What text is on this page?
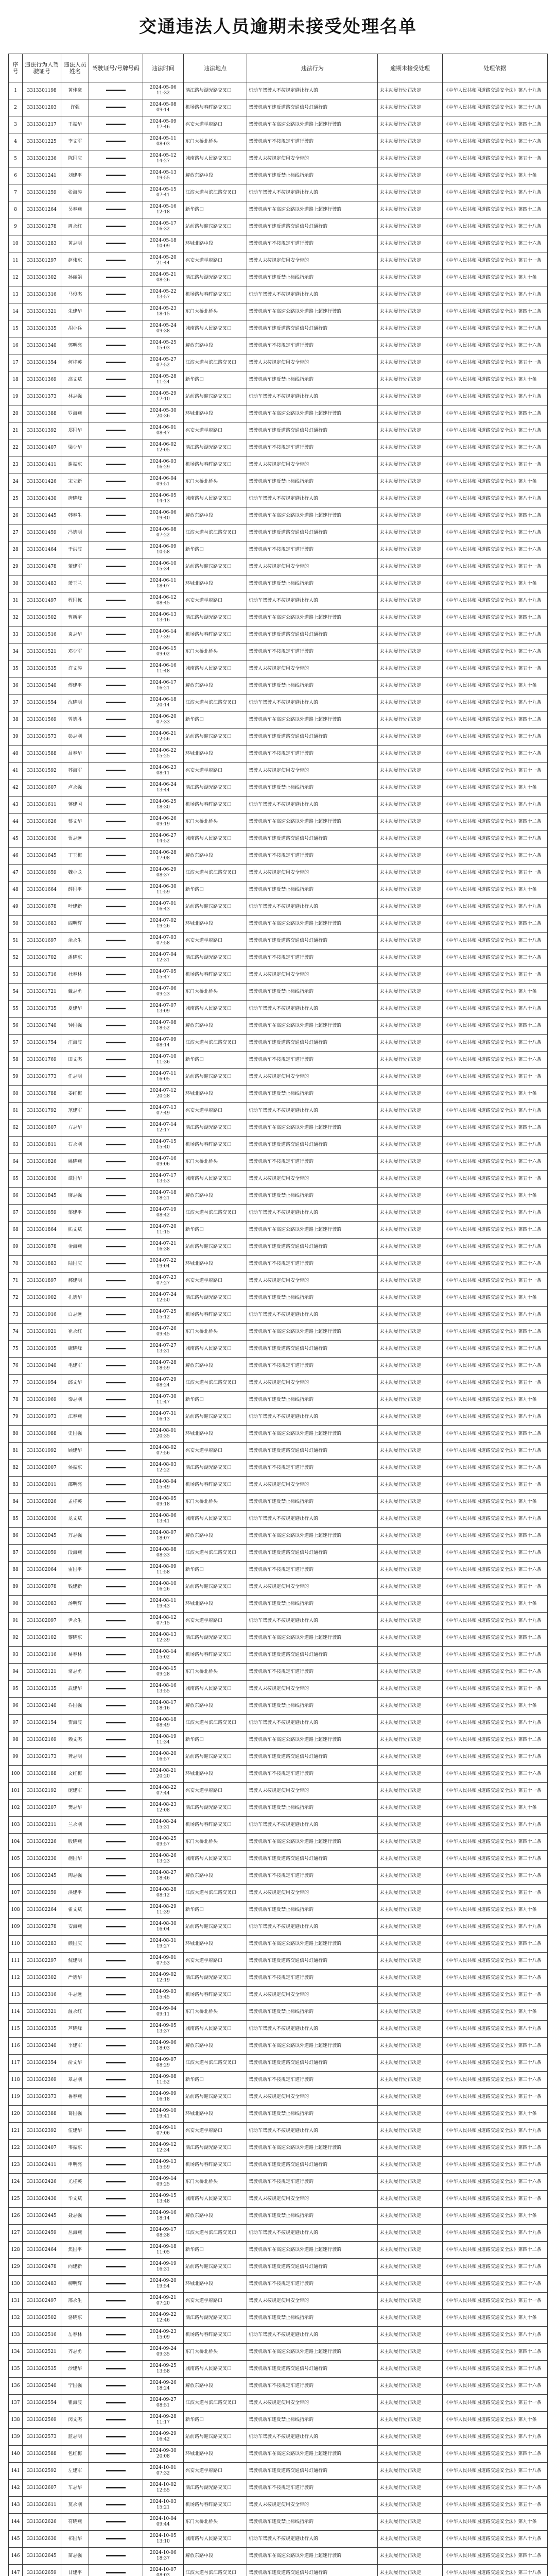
交通违法人员逾期未接受处理名单
序号	违法行为人驾驶证号	违法人员姓名	驾驶证号/号牌号码	违法时间	违法地点	违法行为	逾期未接受处理	处理依据
1	3313301198	黄佳豪		2024-05-06 11:32	漓江路与湖光路交叉口	机动车驾驶人不按规定避让行人的	未主动履行处罚决定	《中华人民共和国道路交通安全法》第八十九条
2	3313301203	许强		2024-05-08 09:14	机场路与春晖路交叉口	驾驶机动车违反道路交通信号灯通行的	未主动履行处罚决定	《中华人民共和国道路交通安全法》第三十八条
3	3313301217	王振华		2024-05-09 17:46	兴安大道学府路口	驾驶机动车在高速公路以外道路上超速行驶的	未主动履行处罚决定	《中华人民共和国道路交通安全法》第四十二条
4	3313301225	李文军		2024-05-11 08:03	东门大桥北桥头	驾驶机动车不按规定车道行驶的	未主动履行处罚决定	《中华人民共和国道路交通安全法》第三十六条
5	3313301236	陈国庆		2024-05-12 14:27	城南路与人民路交叉口	驾驶人未按规定使用安全带的	未主动履行处罚决定	《中华人民共和国道路交通安全法》第五十一条
6	3313301241	刘建平		2024-05-13 19:55	解放东路中段	驾驶机动车违反禁止标线指示的	未主动履行处罚决定	《中华人民共和国道路交通安全法》第九十条
7	3313301259	张海涛		2024-05-15 07:41	江滨大道与滨江路交叉口	机动车驾驶人不按规定避让行人的	未主动履行处罚决定	《中华人民共和国道路交通安全法》第八十九条
8	3313301264	吴春燕		2024-05-16 12:18	新华路口	驾驶机动车在高速公路以外道路上超速行驶的	未主动履行处罚决定	《中华人民共和国道路交通安全法》第四十二条
9	3313301278	周永红		2024-05-17 16:32	站前路与迎宾路交叉口	驾驶机动车违反道路交通信号灯通行的	未主动履行处罚决定	《中华人民共和国道路交通安全法》第三十八条
10	3313301283	黄志明		2024-05-18 10:09	环城北路中段	驾驶机动车不按规定车道行驶的	未主动履行处罚决定	《中华人民共和国道路交通安全法》第三十六条
11	3313301297	赵伟东		2024-05-20 21:44	兴安大道学府路口	驾驶人未按规定使用安全带的	未主动履行处罚决定	《中华人民共和国道路交通安全法》第五十一条
12	3313301302	孙丽娟		2024-05-21 08:26	漓江路与湖光路交叉口	驾驶机动车违反禁止标线指示的	未主动履行处罚决定	《中华人民共和国道路交通安全法》第九十条
13	3313301316	马俊杰		2024-05-22 13:57	机场路与春晖路交叉口	机动车驾驶人不按规定避让行人的	未主动履行处罚决定	《中华人民共和国道路交通安全法》第八十九条
14	3313301321	朱建华		2024-05-23 18:15	东门大桥北桥头	驾驶机动车在高速公路以外道路上超速行驶的	未主动履行处罚决定	《中华人民共和国道路交通安全法》第四十二条
15	3313301335	胡小兵		2024-05-24 09:38	城南路与人民路交叉口	驾驶机动车违反道路交通信号灯通行的	未主动履行处罚决定	《中华人民共和国道路交通安全法》第三十八条
16	3313301340	郭明亮		2024-05-25 15:03	解放东路中段	驾驶机动车不按规定车道行驶的	未主动履行处罚决定	《中华人民共和国道路交通安全法》第三十六条
17	3313301354	何桂英		2024-05-27 07:52	江滨大道与滨江路交叉口	驾驶人未按规定使用安全带的	未主动履行处罚决定	《中华人民共和国道路交通安全法》第五十一条
18	3313301369	高文斌		2024-05-28 11:24	新华路口	驾驶机动车违反禁止标线指示的	未主动履行处罚决定	《中华人民共和国道路交通安全法》第九十条
19	3313301373	林志强		2024-05-29 17:10	站前路与迎宾路交叉口	机动车驾驶人不按规定避让行人的	未主动履行处罚决定	《中华人民共和国道路交通安全法》第八十九条
20	3313301388	罗海燕		2024-05-30 20:36	环城北路中段	驾驶机动车在高速公路以外道路上超速行驶的	未主动履行处罚决定	《中华人民共和国道路交通安全法》第四十二条
21	3313301392	郑国华		2024-06-01 08:47	兴安大道学府路口	驾驶机动车违反道路交通信号灯通行的	未主动履行处罚决定	《中华人民共和国道路交通安全法》第三十八条
22	3313301407	梁少华		2024-06-02 12:05	漓江路与湖光路交叉口	驾驶机动车不按规定车道行驶的	未主动履行处罚决定	《中华人民共和国道路交通安全法》第三十六条
23	3313301411	谢振东		2024-06-03 16:29	机场路与春晖路交叉口	驾驶人未按规定使用安全带的	未主动履行处罚决定	《中华人民共和国道路交通安全法》第五十一条
24	3313301426	宋立新		2024-06-04 09:51	东门大桥北桥头	驾驶机动车违反禁止标线指示的	未主动履行处罚决定	《中华人民共和国道路交通安全法》第九十条
25	3313301430	唐晓峰		2024-06-05 14:13	城南路与人民路交叉口	机动车驾驶人不按规定避让行人的	未主动履行处罚决定	《中华人民共和国道路交通安全法》第八十九条
26	3313301445	韩春生		2024-06-06 19:40	解放东路中段	驾驶机动车在高速公路以外道路上超速行驶的	未主动履行处罚决定	《中华人民共和国道路交通安全法》第四十二条
27	3313301459	冯德明		2024-06-08 07:22	江滨大道与滨江路交叉口	驾驶机动车违反道路交通信号灯通行的	未主动履行处罚决定	《中华人民共和国道路交通安全法》第三十八条
28	3313301464	于洪波		2024-06-09 10:58	新华路口	驾驶机动车不按规定车道行驶的	未主动履行处罚决定	《中华人民共和国道路交通安全法》第三十六条
29	3313301478	董建军		2024-06-10 15:34	站前路与迎宾路交叉口	驾驶人未按规定使用安全带的	未主动履行处罚决定	《中华人民共和国道路交通安全法》第五十一条
30	3313301483	萧玉兰		2024-06-11 18:07	环城北路中段	驾驶机动车违反禁止标线指示的	未主动履行处罚决定	《中华人民共和国道路交通安全法》第九十条
31	3313301497	程国栋		2024-06-12 08:45	兴安大道学府路口	机动车驾驶人不按规定避让行人的	未主动履行处罚决定	《中华人民共和国道路交通安全法》第八十九条
32	3313301502	曹新宇		2024-06-13 13:16	漓江路与湖光路交叉口	驾驶机动车在高速公路以外道路上超速行驶的	未主动履行处罚决定	《中华人民共和国道路交通安全法》第四十二条
33	3313301516	袁志华		2024-06-14 17:39	机场路与春晖路交叉口	驾驶机动车违反道路交通信号灯通行的	未主动履行处罚决定	《中华人民共和国道路交通安全法》第三十八条
34	3313301521	邓少军		2024-06-15 09:02	东门大桥北桥头	驾驶机动车不按规定车道行驶的	未主动履行处罚决定	《中华人民共和国道路交通安全法》第三十六条
35	3313301535	许文涛		2024-06-16 11:48	城南路与人民路交叉口	驾驶人未按规定使用安全带的	未主动履行处罚决定	《中华人民共和国道路交通安全法》第五十一条
36	3313301540	傅建平		2024-06-17 16:21	解放东路中段	驾驶机动车违反禁止标线指示的	未主动履行处罚决定	《中华人民共和国道路交通安全法》第九十条
37	3313301554	沈晓明		2024-06-18 20:14	江滨大道与滨江路交叉口	机动车驾驶人不按规定避让行人的	未主动履行处罚决定	《中华人民共和国道路交通安全法》第八十九条
38	3313301569	曾德胜		2024-06-20 07:33	新华路口	驾驶机动车在高速公路以外道路上超速行驶的	未主动履行处罚决定	《中华人民共和国道路交通安全法》第四十二条
39	3313301573	彭志刚		2024-06-21 12:56	站前路与迎宾路交叉口	驾驶机动车违反道路交通信号灯通行的	未主动履行处罚决定	《中华人民共和国道路交通安全法》第三十八条
40	3313301588	吕春华		2024-06-22 15:25	环城北路中段	驾驶机动车不按规定车道行驶的	未主动履行处罚决定	《中华人民共和国道路交通安全法》第三十六条
41	3313301592	苏海军		2024-06-23 08:11	兴安大道学府路口	驾驶人未按规定使用安全带的	未主动履行处罚决定	《中华人民共和国道路交通安全法》第五十一条
42	3313301607	卢永强		2024-06-24 13:44	漓江路与湖光路交叉口	驾驶机动车违反禁止标线指示的	未主动履行处罚决定	《中华人民共和国道路交通安全法》第九十条
43	3313301611	蒋建国		2024-06-25 18:30	机场路与春晖路交叉口	机动车驾驶人不按规定避让行人的	未主动履行处罚决定	《中华人民共和国道路交通安全法》第八十九条
44	3313301626	蔡文华		2024-06-26 09:19	东门大桥北桥头	驾驶机动车在高速公路以外道路上超速行驶的	未主动履行处罚决定	《中华人民共和国道路交通安全法》第四十二条
45	3313301630	贾志远		2024-06-27 14:52	城南路与人民路交叉口	驾驶机动车违反道路交通信号灯通行的	未主动履行处罚决定	《中华人民共和国道路交通安全法》第三十八条
46	3313301645	丁玉梅		2024-06-28 17:08	解放东路中段	驾驶机动车不按规定车道行驶的	未主动履行处罚决定	《中华人民共和国道路交通安全法》第三十六条
47	3313301659	魏小龙		2024-06-29 08:37	江滨大道与滨江路交叉口	驾驶人未按规定使用安全带的	未主动履行处罚决定	《中华人民共和国道路交通安全法》第五十一条
48	3313301664	薛国平		2024-06-30 11:59	新华路口	驾驶机动车违反禁止标线指示的	未主动履行处罚决定	《中华人民共和国道路交通安全法》第九十条
49	3313301678	叶建新		2024-07-01 16:43	站前路与迎宾路交叉口	机动车驾驶人不按规定避让行人的	未主动履行处罚决定	《中华人民共和国道路交通安全法》第八十九条
50	3313301683	阎明辉		2024-07-02 19:26	环城北路中段	驾驶机动车在高速公路以外道路上超速行驶的	未主动履行处罚决定	《中华人民共和国道路交通安全法》第四十二条
51	3313301697	余永生		2024-07-03 07:58	兴安大道学府路口	驾驶机动车违反道路交通信号灯通行的	未主动履行处罚决定	《中华人民共和国道路交通安全法》第三十八条
52	3313301702	潘晓东		2024-07-04 12:31	漓江路与湖光路交叉口	驾驶机动车不按规定车道行驶的	未主动履行处罚决定	《中华人民共和国道路交通安全法》第三十六条
53	3313301716	杜春林		2024-07-05 15:47	机场路与春晖路交叉口	驾驶人未按规定使用安全带的	未主动履行处罚决定	《中华人民共和国道路交通安全法》第五十一条
54	3313301721	戴志勇		2024-07-06 09:23	东门大桥北桥头	驾驶机动车违反禁止标线指示的	未主动履行处罚决定	《中华人民共和国道路交通安全法》第九十条
55	3313301735	夏建华		2024-07-07 13:09	城南路与人民路交叉口	机动车驾驶人不按规定避让行人的	未主动履行处罚决定	《中华人民共和国道路交通安全法》第八十九条
56	3313301740	钟国强		2024-07-08 18:52	解放东路中段	驾驶机动车在高速公路以外道路上超速行驶的	未主动履行处罚决定	《中华人民共和国道路交通安全法》第四十二条
57	3313301754	汪海波		2024-07-09 08:14	江滨大道与滨江路交叉口	驾驶机动车违反道路交通信号灯通行的	未主动履行处罚决定	《中华人民共和国道路交通安全法》第三十八条
58	3313301769	田文杰		2024-07-10 11:36	新华路口	驾驶机动车不按规定车道行驶的	未主动履行处罚决定	《中华人民共和国道路交通安全法》第三十六条
59	3313301773	任志明		2024-07-11 16:05	站前路与迎宾路交叉口	驾驶人未按规定使用安全带的	未主动履行处罚决定	《中华人民共和国道路交通安全法》第五十一条
60	3313301788	姜红梅		2024-07-12 20:28	环城北路中段	驾驶机动车违反禁止标线指示的	未主动履行处罚决定	《中华人民共和国道路交通安全法》第九十条
61	3313301792	范建军		2024-07-13 07:49	兴安大道学府路口	机动车驾驶人不按规定避让行人的	未主动履行处罚决定	《中华人民共和国道路交通安全法》第八十九条
62	3313301807	方志华		2024-07-14 12:17	漓江路与湖光路交叉口	驾驶机动车在高速公路以外道路上超速行驶的	未主动履行处罚决定	《中华人民共和国道路交通安全法》第四十二条
63	3313301811	石永刚		2024-07-15 15:40	机场路与春晖路交叉口	驾驶机动车违反道路交通信号灯通行的	未主动履行处罚决定	《中华人民共和国道路交通安全法》第三十八条
64	3313301826	姚晓燕		2024-07-16 09:06	东门大桥北桥头	驾驶机动车不按规定车道行驶的	未主动履行处罚决定	《中华人民共和国道路交通安全法》第三十六条
65	3313301830	谭国华		2024-07-17 13:53	城南路与人民路交叉口	驾驶人未按规定使用安全带的	未主动履行处罚决定	《中华人民共和国道路交通安全法》第五十一条
66	3313301845	廖志强		2024-07-18 18:21	解放东路中段	驾驶机动车违反禁止标线指示的	未主动履行处罚决定	《中华人民共和国道路交通安全法》第九十条
67	3313301859	邹建平		2024-07-19 08:42	江滨大道与滨江路交叉口	机动车驾驶人不按规定避让行人的	未主动履行处罚决定	《中华人民共和国道路交通安全法》第八十九条
68	3313301864	熊文斌		2024-07-20 11:15	新华路口	驾驶机动车在高速公路以外道路上超速行驶的	未主动履行处罚决定	《中华人民共和国道路交通安全法》第四十二条
69	3313301878	金海燕		2024-07-21 16:38	站前路与迎宾路交叉口	驾驶机动车违反道路交通信号灯通行的	未主动履行处罚决定	《中华人民共和国道路交通安全法》第三十八条
70	3313301883	陆国庆		2024-07-22 19:04	环城北路中段	驾驶机动车不按规定车道行驶的	未主动履行处罚决定	《中华人民共和国道路交通安全法》第三十六条
71	3313301897	郝建明		2024-07-23 07:27	兴安大道学府路口	驾驶人未按规定使用安全带的	未主动履行处罚决定	《中华人民共和国道路交通安全法》第五十一条
72	3313301902	孔德华		2024-07-24 12:50	漓江路与湖光路交叉口	驾驶机动车违反禁止标线指示的	未主动履行处罚决定	《中华人民共和国道路交通安全法》第九十条
73	3313301916	白志远		2024-07-25 15:12	机场路与春晖路交叉口	机动车驾驶人不按规定避让行人的	未主动履行处罚决定	《中华人民共和国道路交通安全法》第八十九条
74	3313301921	崔永红		2024-07-26 09:45	东门大桥北桥头	驾驶机动车在高速公路以外道路上超速行驶的	未主动履行处罚决定	《中华人民共和国道路交通安全法》第四十二条
75	3313301935	康晓峰		2024-07-27 13:31	城南路与人民路交叉口	驾驶机动车违反道路交通信号灯通行的	未主动履行处罚决定	《中华人民共和国道路交通安全法》第三十八条
76	3313301940	毛建军		2024-07-28 18:59	解放东路中段	驾驶机动车不按规定车道行驶的	未主动履行处罚决定	《中华人民共和国道路交通安全法》第三十六条
77	3313301954	邱文华		2024-07-29 08:24	江滨大道与滨江路交叉口	驾驶人未按规定使用安全带的	未主动履行处罚决定	《中华人民共和国道路交通安全法》第五十一条
78	3313301969	秦志刚		2024-07-30 11:47	新华路口	驾驶机动车违反禁止标线指示的	未主动履行处罚决定	《中华人民共和国道路交通安全法》第九十条
79	3313301973	江春燕		2024-07-31 16:13	站前路与迎宾路交叉口	机动车驾驶人不按规定避让行人的	未主动履行处罚决定	《中华人民共和国道路交通安全法》第八十九条
80	3313301988	史国强		2024-08-01 20:35	环城北路中段	驾驶机动车在高速公路以外道路上超速行驶的	未主动履行处罚决定	《中华人民共和国道路交通安全法》第四十二条
81	3313301992	顾建华		2024-08-02 07:56	兴安大道学府路口	驾驶机动车违反道路交通信号灯通行的	未主动履行处罚决定	《中华人民共和国道路交通安全法》第三十八条
82	3313302007	侯振东		2024-08-03 12:22	漓江路与湖光路交叉口	驾驶机动车不按规定车道行驶的	未主动履行处罚决定	《中华人民共和国道路交通安全法》第三十六条
83	3313302011	邵明亮		2024-08-04 15:49	机场路与春晖路交叉口	驾驶人未按规定使用安全带的	未主动履行处罚决定	《中华人民共和国道路交通安全法》第五十一条
84	3313302026	孟桂英		2024-08-05 09:18	东门大桥北桥头	驾驶机动车违反禁止标线指示的	未主动履行处罚决定	《中华人民共和国道路交通安全法》第九十条
85	3313302030	龙文斌		2024-08-06 13:41	城南路与人民路交叉口	机动车驾驶人不按规定避让行人的	未主动履行处罚决定	《中华人民共和国道路交通安全法》第八十九条
86	3313302045	万志强		2024-08-07 18:07	解放东路中段	驾驶机动车在高速公路以外道路上超速行驶的	未主动履行处罚决定	《中华人民共和国道路交通安全法》第四十二条
87	3313302059	段海燕		2024-08-08 08:33	江滨大道与滨江路交叉口	驾驶机动车违反道路交通信号灯通行的	未主动履行处罚决定	《中华人民共和国道路交通安全法》第三十八条
88	3313302064	雷国平		2024-08-09 11:58	新华路口	驾驶机动车不按规定车道行驶的	未主动履行处罚决定	《中华人民共和国道路交通安全法》第三十六条
89	3313302078	钱建新		2024-08-10 16:26	站前路与迎宾路交叉口	驾驶人未按规定使用安全带的	未主动履行处罚决定	《中华人民共和国道路交通安全法》第五十一条
90	3313302083	汤明辉		2024-08-11 19:43	环城北路中段	驾驶机动车违反禁止标线指示的	未主动履行处罚决定	《中华人民共和国道路交通安全法》第九十条
91	3313302097	尹永生		2024-08-12 07:15	兴安大道学府路口	机动车驾驶人不按规定避让行人的	未主动履行处罚决定	《中华人民共和国道路交通安全法》第八十九条
92	3313302102	黎晓东		2024-08-13 12:39	漓江路与湖光路交叉口	驾驶机动车在高速公路以外道路上超速行驶的	未主动履行处罚决定	《中华人民共和国道路交通安全法》第四十二条
93	3313302116	易春林		2024-08-14 15:02	机场路与春晖路交叉口	驾驶机动车违反道路交通信号灯通行的	未主动履行处罚决定	《中华人民共和国道路交通安全法》第三十八条
94	3313302121	常志勇		2024-08-15 09:28	东门大桥北桥头	驾驶机动车不按规定车道行驶的	未主动履行处罚决定	《中华人民共和国道路交通安全法》第三十六条
95	3313302135	武建华		2024-08-16 13:55	城南路与人民路交叉口	驾驶人未按规定使用安全带的	未主动履行处罚决定	《中华人民共和国道路交通安全法》第五十一条
96	3313302140	乔国强		2024-08-17 18:16	解放东路中段	驾驶机动车违反禁止标线指示的	未主动履行处罚决定	《中华人民共和国道路交通安全法》第九十条
97	3313302154	贺海波		2024-08-18 08:49	江滨大道与滨江路交叉口	机动车驾驶人不按规定避让行人的	未主动履行处罚决定	《中华人民共和国道路交通安全法》第八十九条
98	3313302169	赖文杰		2024-08-19 11:34	新华路口	驾驶机动车在高速公路以外道路上超速行驶的	未主动履行处罚决定	《中华人民共和国道路交通安全法》第四十二条
99	3313302173	龚志明		2024-08-20 16:57	站前路与迎宾路交叉口	驾驶机动车违反道路交通信号灯通行的	未主动履行处罚决定	《中华人民共和国道路交通安全法》第三十八条
100	3313302188	文红梅		2024-08-21 20:20	环城北路中段	驾驶机动车不按规定车道行驶的	未主动履行处罚决定	《中华人民共和国道路交通安全法》第三十六条
101	3313302192	庞建军		2024-08-22 07:44	兴安大道学府路口	驾驶人未按规定使用安全带的	未主动履行处罚决定	《中华人民共和国道路交通安全法》第五十一条
102	3313302207	樊志华		2024-08-23 12:08	漓江路与湖光路交叉口	驾驶机动车违反禁止标线指示的	未主动履行处罚决定	《中华人民共和国道路交通安全法》第九十条
103	3313302211	兰永刚		2024-08-24 15:31	机场路与春晖路交叉口	机动车驾驶人不按规定避让行人的	未主动履行处罚决定	《中华人民共和国道路交通安全法》第八十九条
104	3313302226	殷晓燕		2024-08-25 09:57	东门大桥北桥头	驾驶机动车在高速公路以外道路上超速行驶的	未主动履行处罚决定	《中华人民共和国道路交通安全法》第四十二条
105	3313302230	施国华		2024-08-26 13:23	城南路与人民路交叉口	驾驶机动车违反道路交通信号灯通行的	未主动履行处罚决定	《中华人民共和国道路交通安全法》第三十八条
106	3313302245	陶志强		2024-08-27 18:46	解放东路中段	驾驶机动车不按规定车道行驶的	未主动履行处罚决定	《中华人民共和国道路交通安全法》第三十六条
107	3313302259	洪建平		2024-08-28 08:12	江滨大道与滨江路交叉口	驾驶人未按规定使用安全带的	未主动履行处罚决定	《中华人民共和国道路交通安全法》第五十一条
108	3313302264	翟文斌		2024-08-29 11:39	新华路口	驾驶机动车违反禁止标线指示的	未主动履行处罚决定	《中华人民共和国道路交通安全法》第九十条
109	3313302278	安海燕		2024-08-30 16:04	站前路与迎宾路交叉口	机动车驾驶人不按规定避让行人的	未主动履行处罚决定	《中华人民共和国道路交通安全法》第八十九条
110	3313302283	颜国庆		2024-08-31 19:27	环城北路中段	驾驶机动车在高速公路以外道路上超速行驶的	未主动履行处罚决定	《中华人民共和国道路交通安全法》第四十二条
111	3313302297	倪建明		2024-09-01 07:53	兴安大道学府路口	驾驶机动车违反道路交通信号灯通行的	未主动履行处罚决定	《中华人民共和国道路交通安全法》第三十八条
112	3313302302	严德华		2024-09-02 12:19	漓江路与湖光路交叉口	驾驶机动车不按规定车道行驶的	未主动履行处罚决定	《中华人民共和国道路交通安全法》第三十六条
113	3313302316	牛志远		2024-09-03 15:45	机场路与春晖路交叉口	驾驶人未按规定使用安全带的	未主动履行处罚决定	《中华人民共和国道路交通安全法》第五十一条
114	3313302321	温永红		2024-09-04 09:11	东门大桥北桥头	驾驶机动车违反禁止标线指示的	未主动履行处罚决定	《中华人民共和国道路交通安全法》第九十条
115	3313302335	芦晓峰		2024-09-05 13:37	城南路与人民路交叉口	机动车驾驶人不按规定避让行人的	未主动履行处罚决定	《中华人民共和国道路交通安全法》第八十九条
116	3313302340	季建军		2024-09-06 18:03	解放东路中段	驾驶机动车在高速公路以外道路上超速行驶的	未主动履行处罚决定	《中华人民共和国道路交通安全法》第四十二条
117	3313302354	俞文华		2024-09-07 08:29	江滨大道与滨江路交叉口	驾驶机动车违反道路交通信号灯通行的	未主动履行处罚决定	《中华人民共和国道路交通安全法》第三十八条
118	3313302369	章志刚		2024-09-08 11:52	新华路口	驾驶机动车不按规定车道行驶的	未主动履行处罚决定	《中华人民共和国道路交通安全法》第三十六条
119	3313302373	鲁春燕		2024-09-09 16:18	站前路与迎宾路交叉口	驾驶人未按规定使用安全带的	未主动履行处罚决定	《中华人民共和国道路交通安全法》第五十一条
120	3313302388	葛国强		2024-09-10 19:41	环城北路中段	驾驶机动车违反禁止标线指示的	未主动履行处罚决定	《中华人民共和国道路交通安全法》第九十条
121	3313302392	伍建华		2024-09-11 07:06	兴安大道学府路口	机动车驾驶人不按规定避让行人的	未主动履行处罚决定	《中华人民共和国道路交通安全法》第八十九条
122	3313302407	韦振东		2024-09-12 12:34	漓江路与湖光路交叉口	驾驶机动车在高速公路以外道路上超速行驶的	未主动履行处罚决定	《中华人民共和国道路交通安全法》第四十二条
123	3313302411	申明亮		2024-09-13 15:59	机场路与春晖路交叉口	驾驶机动车违反道路交通信号灯通行的	未主动履行处罚决定	《中华人民共和国道路交通安全法》第三十八条
124	3313302426	尤桂英		2024-09-14 09:25	东门大桥北桥头	驾驶机动车不按规定车道行驶的	未主动履行处罚决定	《中华人民共和国道路交通安全法》第三十六条
125	3313302430	毕文斌		2024-09-15 13:48	城南路与人民路交叉口	驾驶人未按规定使用安全带的	未主动履行处罚决定	《中华人民共和国道路交通安全法》第五十一条
126	3313302445	聂志强		2024-09-16 18:14	解放东路中段	驾驶机动车违反禁止标线指示的	未主动履行处罚决定	《中华人民共和国道路交通安全法》第九十条
127	3313302459	丛海燕		2024-09-17 08:38	江滨大道与滨江路交叉口	机动车驾驶人不按规定避让行人的	未主动履行处罚决定	《中华人民共和国道路交通安全法》第八十九条
128	3313302464	焦国平		2024-09-18 11:05	新华路口	驾驶机动车在高速公路以外道路上超速行驶的	未主动履行处罚决定	《中华人民共和国道路交通安全法》第四十二条
129	3313302478	向建新		2024-09-19 16:31	站前路与迎宾路交叉口	驾驶机动车违反道路交通信号灯通行的	未主动履行处罚决定	《中华人民共和国道路交通安全法》第三十八条
130	3313302483	柳明辉		2024-09-20 19:54	环城北路中段	驾驶机动车不按规定车道行驶的	未主动履行处罚决定	《中华人民共和国道路交通安全法》第三十六条
131	3313302497	邢永生		2024-09-21 07:20	兴安大道学府路口	驾驶人未按规定使用安全带的	未主动履行处罚决定	《中华人民共和国道路交通安全法》第五十一条
132	3313302502	骆晓东		2024-09-22 12:46	漓江路与湖光路交叉口	驾驶机动车违反禁止标线指示的	未主动履行处罚决定	《中华人民共和国道路交通安全法》第九十条
133	3313302516	岳春林		2024-09-23 15:09	机场路与春晖路交叉口	机动车驾驶人不按规定避让行人的	未主动履行处罚决定	《中华人民共和国道路交通安全法》第八十九条
134	3313302521	齐志勇		2024-09-24 09:35	东门大桥北桥头	驾驶机动车在高速公路以外道路上超速行驶的	未主动履行处罚决定	《中华人民共和国道路交通安全法》第四十二条
135	3313302535	沙建华		2024-09-25 13:58	城南路与人民路交叉口	驾驶机动车违反道路交通信号灯通行的	未主动履行处罚决定	《中华人民共和国道路交通安全法》第三十八条
136	3313302540	宁国强		2024-09-26 18:24	解放东路中段	驾驶机动车不按规定车道行驶的	未主动履行处罚决定	《中华人民共和国道路交通安全法》第三十六条
137	3313302554	瞿海波		2024-09-27 08:51	江滨大道与滨江路交叉口	驾驶人未按规定使用安全带的	未主动履行处罚决定	《中华人民共和国道路交通安全法》第五十一条
138	3313302569	闵文杰		2024-09-28 11:17	新华路口	驾驶机动车违反禁止标线指示的	未主动履行处罚决定	《中华人民共和国道路交通安全法》第九十条
139	3313302573	蓝志明		2024-09-29 16:42	站前路与迎宾路交叉口	机动车驾驶人不按规定避让行人的	未主动履行处罚决定	《中华人民共和国道路交通安全法》第八十九条
140	3313302588	包红梅		2024-09-30 20:08	环城北路中段	驾驶机动车在高速公路以外道路上超速行驶的	未主动履行处罚决定	《中华人民共和国道路交通安全法》第四十二条
141	3313302592	左建军		2024-10-01 07:32	兴安大道学府路口	驾驶机动车违反道路交通信号灯通行的	未主动履行处罚决定	《中华人民共和国道路交通安全法》第三十八条
142	3313302607	车志华		2024-10-02 12:55	漓江路与湖光路交叉口	驾驶机动车不按规定车道行驶的	未主动履行处罚决定	《中华人民共和国道路交通安全法》第三十六条
143	3313302611	莫永刚		2024-10-03 15:21	机场路与春晖路交叉口	驾驶人未按规定使用安全带的	未主动履行处罚决定	《中华人民共和国道路交通安全法》第五十一条
144	3313302626	符晓燕		2024-10-04 09:44	东门大桥北桥头	驾驶机动车违反禁止标线指示的	未主动履行处罚决定	《中华人民共和国道路交通安全法》第九十条
145	3313302630	祁国华		2024-10-05 13:10	城南路与人民路交叉口	机动车驾驶人不按规定避让行人的	未主动履行处罚决定	《中华人民共和国道路交通安全法》第八十九条
146	3313302645	苗志强		2024-10-06 18:37	解放东路中段	驾驶机动车在高速公路以外道路上超速行驶的	未主动履行处罚决定	《中华人民共和国道路交通安全法》第四十二条
147	3313302659	甘建平		2024-10-07 08:03	江滨大道与滨江路交叉口	驾驶机动车违反道路交通信号灯通行的	未主动履行处罚决定	《中华人民共和国道路交通安全法》第三十八条
